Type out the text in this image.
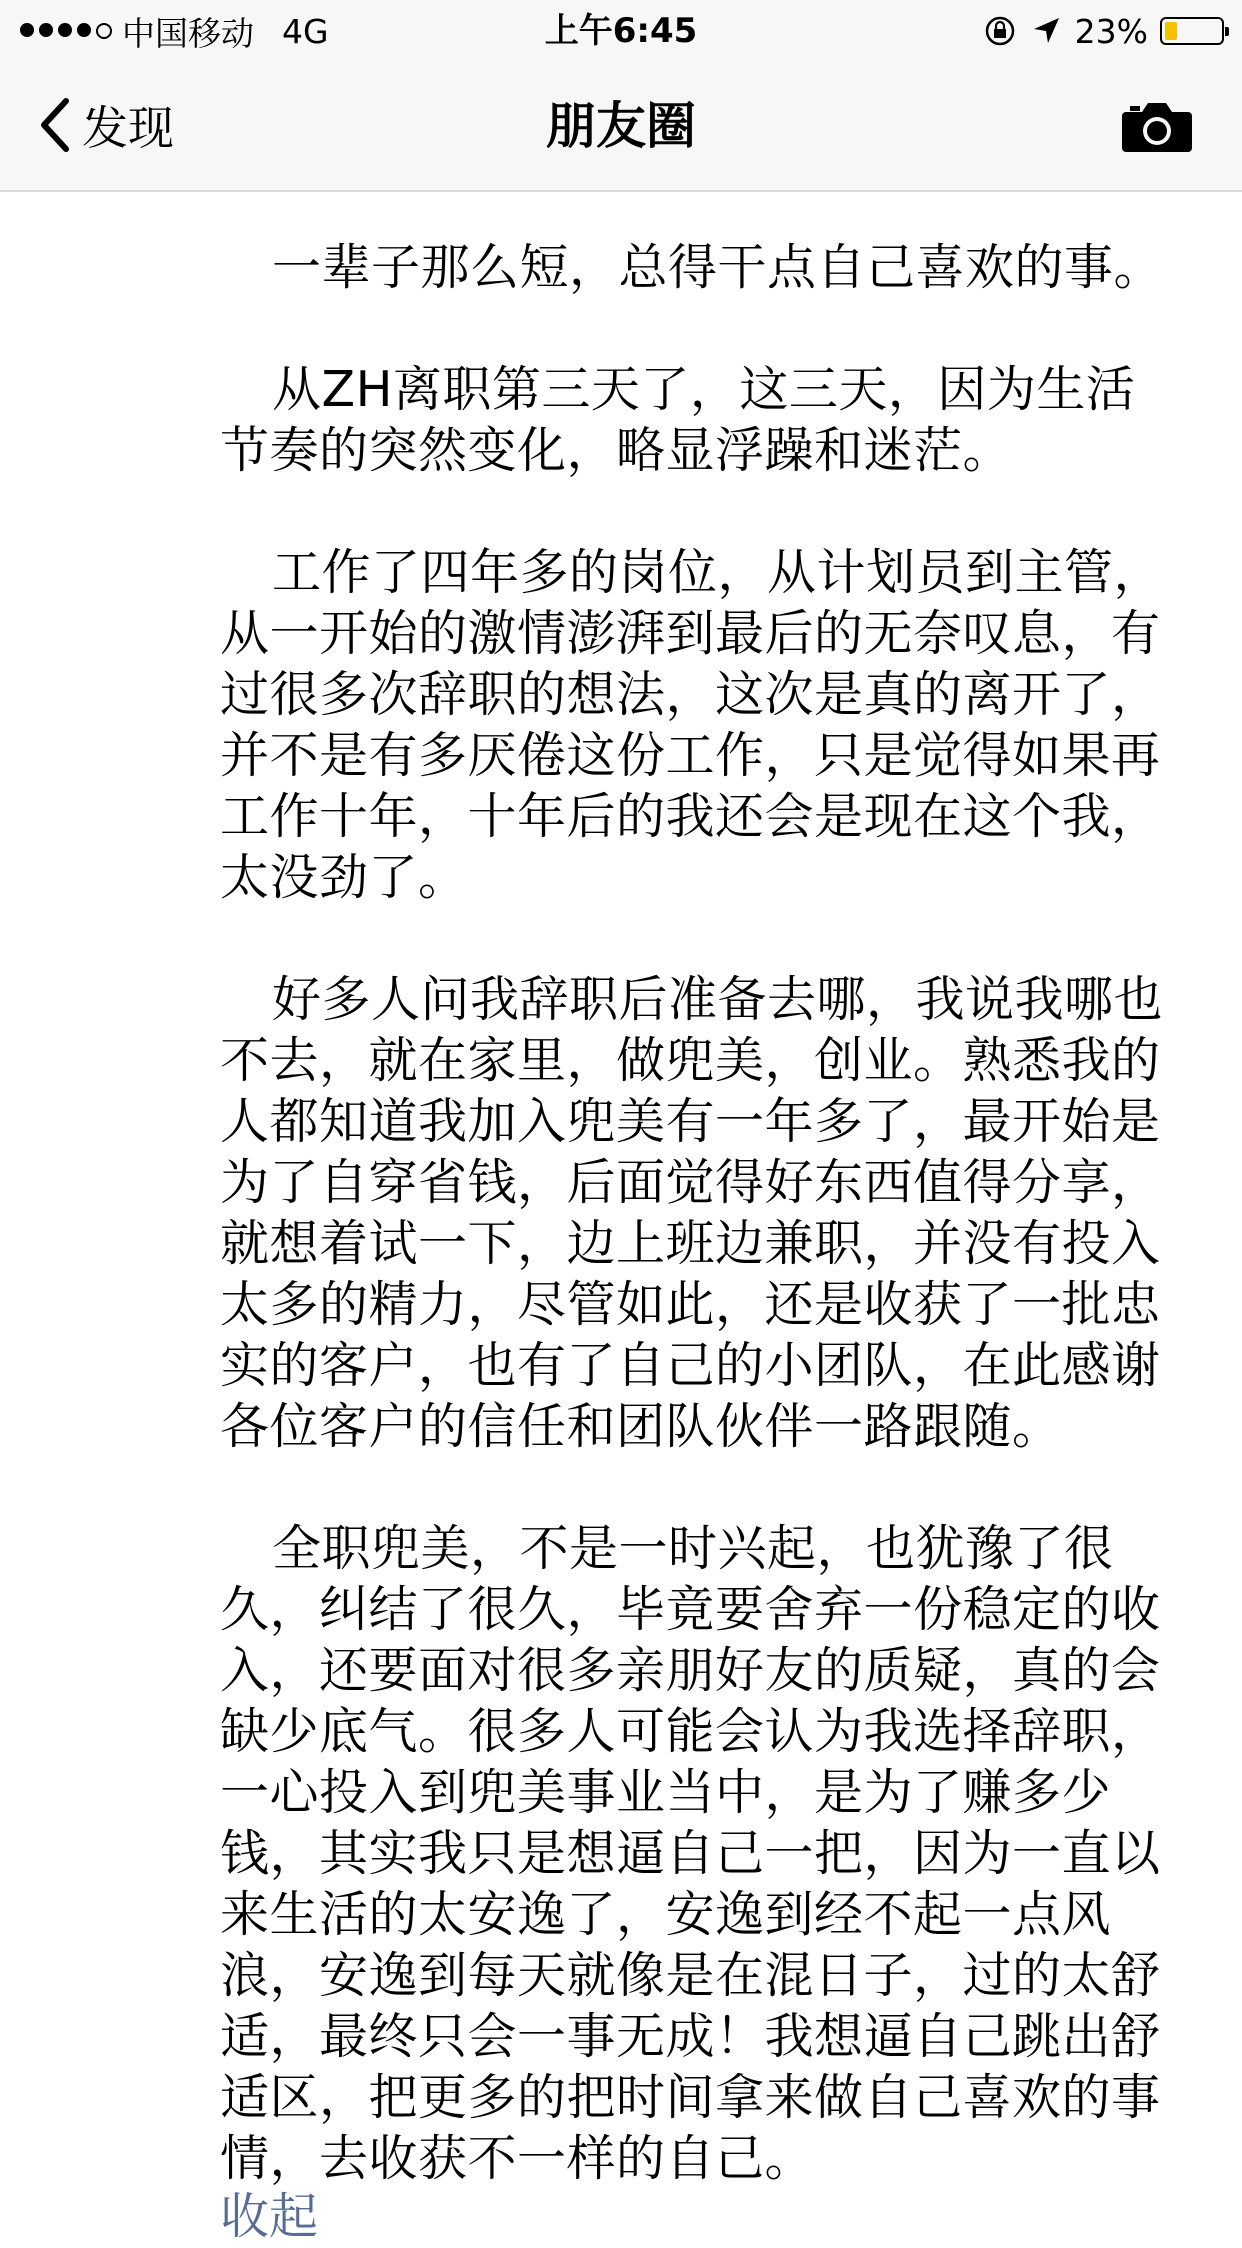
中国移动 4G	上午6:45	23%
发现	朋友圈

一辈子那么短，总得干点自己喜欢的事。

从ZH离职第三天了，这三天，因为生活节奏的突然变化，略显浮躁和迷茫。

工作了四年多的岗位，从计划员到主管，从一开始的激情澎湃到最后的无奈叹息，有过很多次辞职的想法，这次是真的离开了，并不是有多厌倦这份工作，只是觉得如果再工作十年，十年后的我还会是现在这个我，太没劲了。

好多人问我辞职后准备去哪，我说我哪也不去，就在家里，做兜美，创业。熟悉我的人都知道我加入兜美有一年多了，最开始是为了自穿省钱，后面觉得好东西值得分享，就想着试一下，边上班边兼职，并没有投入太多的精力，尽管如此，还是收获了一批忠实的客户，也有了自己的小团队，在此感谢各位客户的信任和团队伙伴一路跟随。

全职兜美，不是一时兴起，也犹豫了很久，纠结了很久，毕竟要舍弃一份稳定的收入，还要面对很多亲朋好友的质疑，真的会缺少底气。很多人可能会认为我选择辞职，一心投入到兜美事业当中，是为了赚多少钱，其实我只是想逼自己一把，因为一直以来生活的太安逸了，安逸到经不起一点风浪，安逸到每天就像是在混日子，过的太舒适，最终只会一事无成！我想逼自己跳出舒适区，把更多的把时间拿来做自己喜欢的事情，去收获不一样的自己。

收起
